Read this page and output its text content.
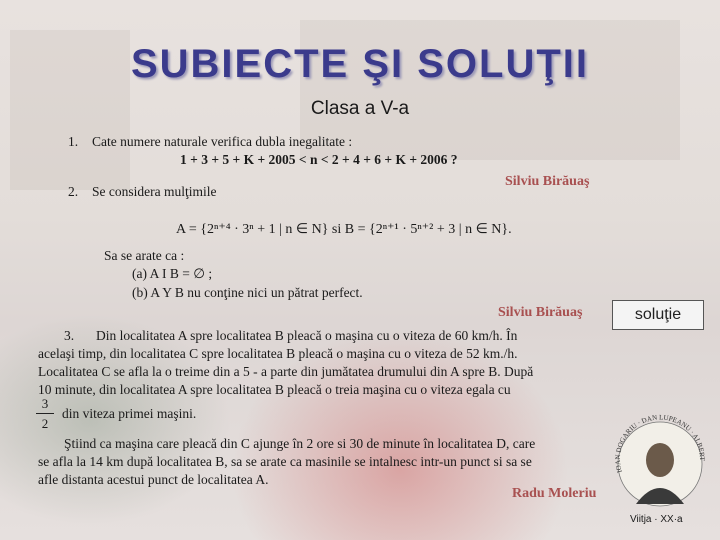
SUBIECTE ŞI SOLUŢII
Clasa a V-a
1. Cate numere naturale verifica dubla inegalitate :
1 + 3 + 5 + K + 2005 < n < 2 + 4 + 6 + K + 2006 ?
Silviu Birăuaş
2. Se considera mulţimile
A = {2ⁿ⁺⁴ · 3ⁿ + 1 | n ∈ N} si B = {2ⁿ⁺¹ · 5ⁿ⁺² + 3 | n ∈ N}.
Sa se arate ca :
(a) A I B = ∅ ;
(b) A Y B nu conţine nici un pătrat perfect.
Silviu Birăuaş	soluţie
3. Din localitatea A spre localitatea B pleacă o maşina cu o viteza de 60 km/h. În
acelaşi timp, din localitatea C spre localitatea B pleacă o maşina cu o viteza de 52 km./h.
Localitatea C se afla la o treime din a 5 - a parte din jumătatea drumului din A spre B. După
10 minute, din localitatea A spre localitatea B pleacă o treia maşina cu o viteza egala cu
3
2
din viteza primei maşini.
Ştiind ca maşina care pleacă din C ajunge în 2 ore si 30 de minute în localitatea D, care
se afla la 14 km după localitatea B, sa se arate ca masinile se intalnesc intr-un punct si sa se
afle distanta acestui punct de localitatea A.
Radu Moleriu
IOAN DOGARIU · DAN LUPEANU · ALBERT
Viitja · XX·a
